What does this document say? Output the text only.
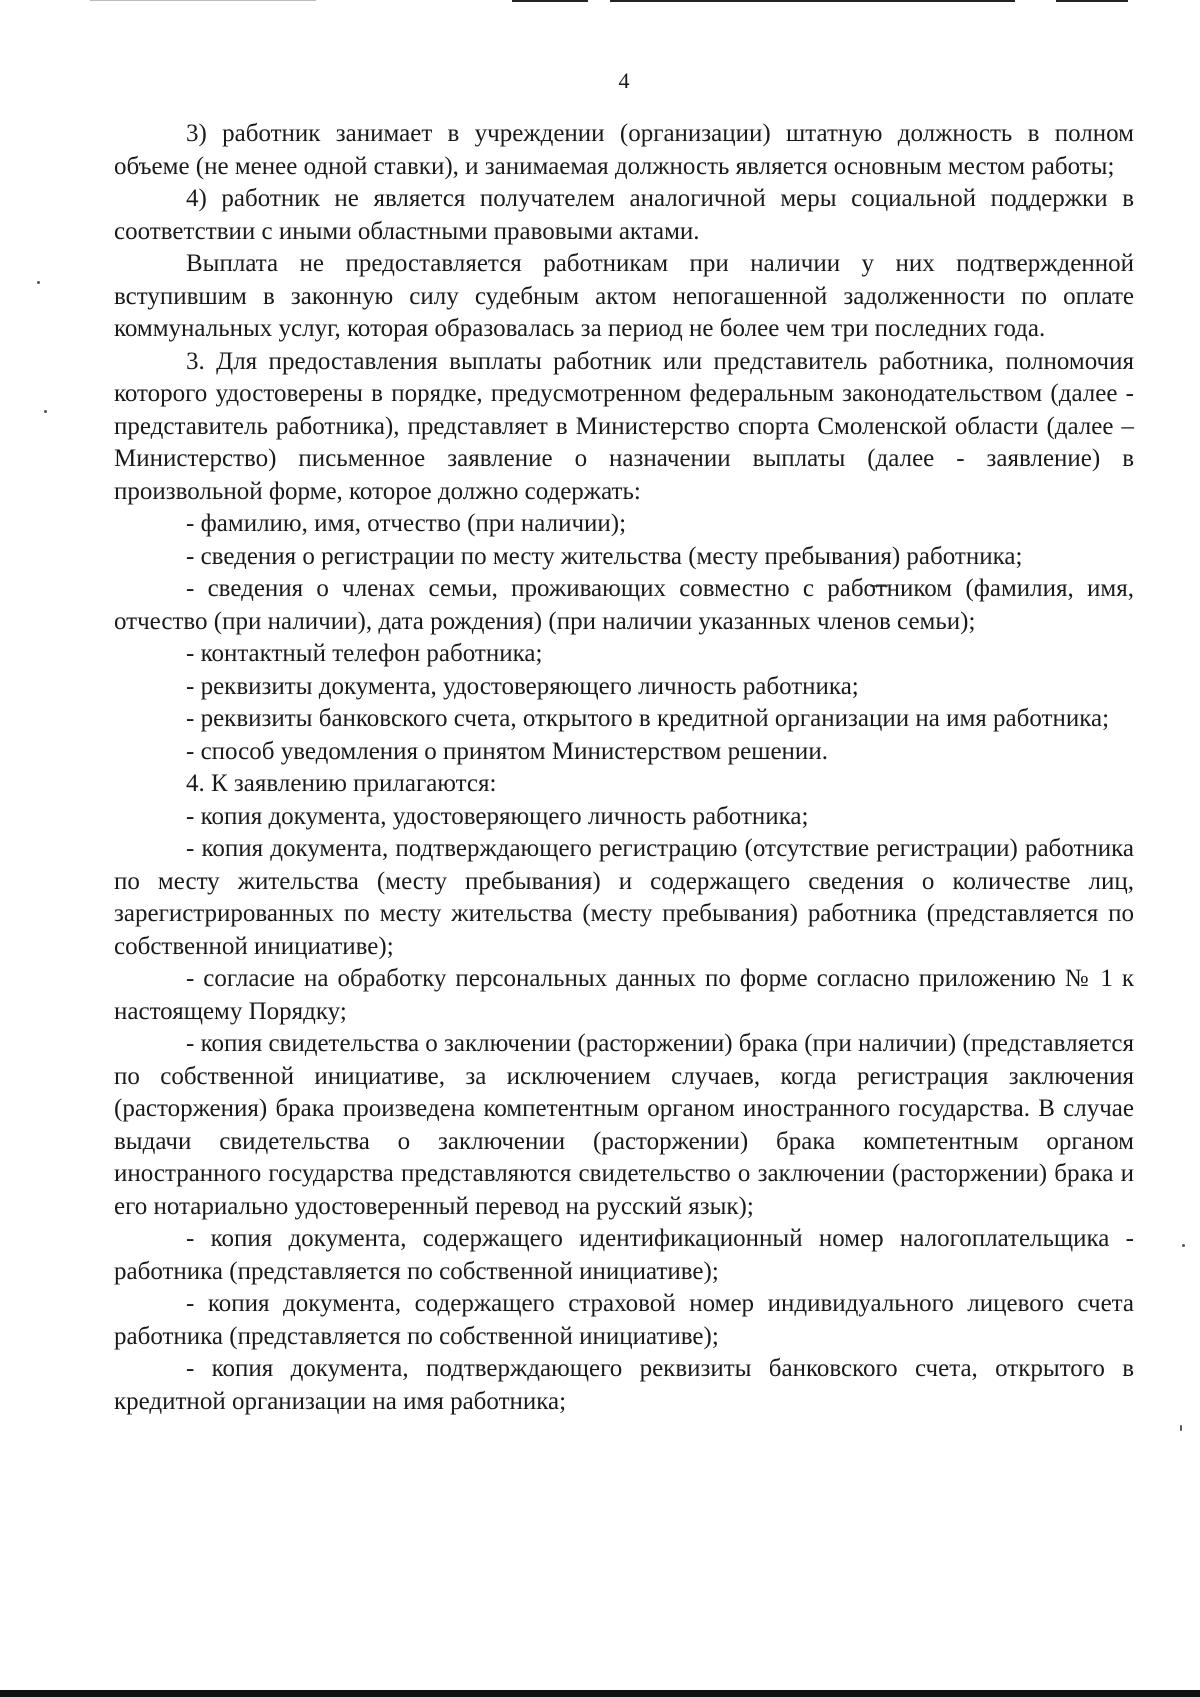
4

3) работник занимает в учреждении (организации) штатную должность в полном объеме (не менее одной ставки), и занимаемая должность является основным местом работы;

4) работник не является получателем аналогичной меры социальной поддержки в соответствии с иными областными правовыми актами.

Выплата не предоставляется работникам при наличии у них подтвержденной вступившим в законную силу судебным актом непогашенной задолженности по оплате коммунальных услуг, которая образовалась за период не более чем три последних года.

3. Для предоставления выплаты работник или представитель работника, полномочия которого удостоверены в порядке, предусмотренном федеральным законодательством (далее - представитель работника), представляет в Министерство спорта Смоленской области (далее – Министерство) письменное заявление о назначении выплаты (далее - заявление) в произвольной форме, которое должно содержать:

- фамилию, имя, отчество (при наличии);

- сведения о регистрации по месту жительства (месту пребывания) работника;

- сведения о членах семьи, проживающих совместно с работником (фамилия, имя, отчество (при наличии), дата рождения) (при наличии указанных членов семьи);

- контактный телефон работника;

- реквизиты документа, удостоверяющего личность работника;

- реквизиты банковского счета, открытого в кредитной организации на имя работника;

- способ уведомления о принятом Министерством решении.

4. К заявлению прилагаются:

- копия документа, удостоверяющего личность работника;

- копия документа, подтверждающего регистрацию (отсутствие регистрации) работника по месту жительства (месту пребывания) и содержащего сведения о количестве лиц, зарегистрированных по месту жительства (месту пребывания) работника (представляется по собственной инициативе);

- согласие на обработку персональных данных по форме согласно приложению № 1 к настоящему Порядку;

- копия свидетельства о заключении (расторжении) брака (при наличии) (представляется по собственной инициативе, за исключением случаев, когда регистрация заключения (расторжения) брака произведена компетентным органом иностранного государства. В случае выдачи свидетельства о заключении (расторжении) брака компетентным органом иностранного государства представляются свидетельство о заключении (расторжении) брака и его нотариально удостоверенный перевод на русский язык);

- копия документа, содержащего идентификационный номер налогоплательщика - работника (представляется по собственной инициативе);

- копия документа, содержащего страховой номер индивидуального лицевого счета работника (представляется по собственной инициативе);

- копия документа, подтверждающего реквизиты банковского счета, открытого в кредитной организации на имя работника;
